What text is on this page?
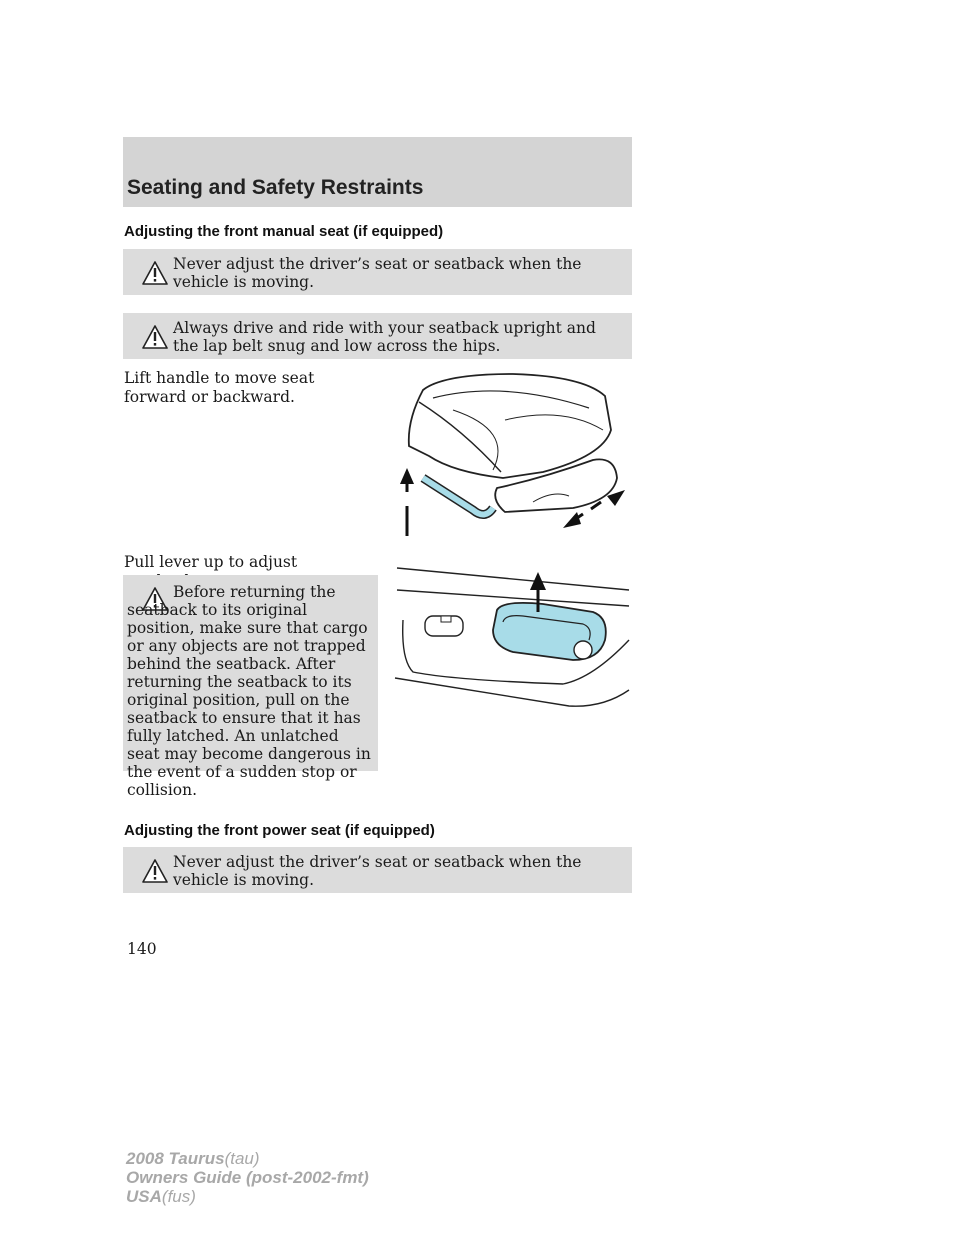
Seating and Safety Restraints
Adjusting the front manual seat (if equipped)
Never adjust the driver’s seat or seatback when the vehicle is moving.
Always drive and ride with your seatback upright and the lap belt snug and low across the hips.
Lift handle to move seat forward or backward.
Pull lever up to adjust
Before returning the seatback to its original position, make sure that cargo or any objects are not trapped behind the seatback. After returning the seatback to its original position, pull on the seatback to ensure that it has fully latched. An unlatched seat may become dangerous in the event of a sudden stop or collision.
Adjusting the front power seat (if equipped)
Never adjust the driver’s seat or seatback when the vehicle is moving.
140
2008 Taurus(tau)
Owners Guide (post-2002-fmt)
USA(fus)
